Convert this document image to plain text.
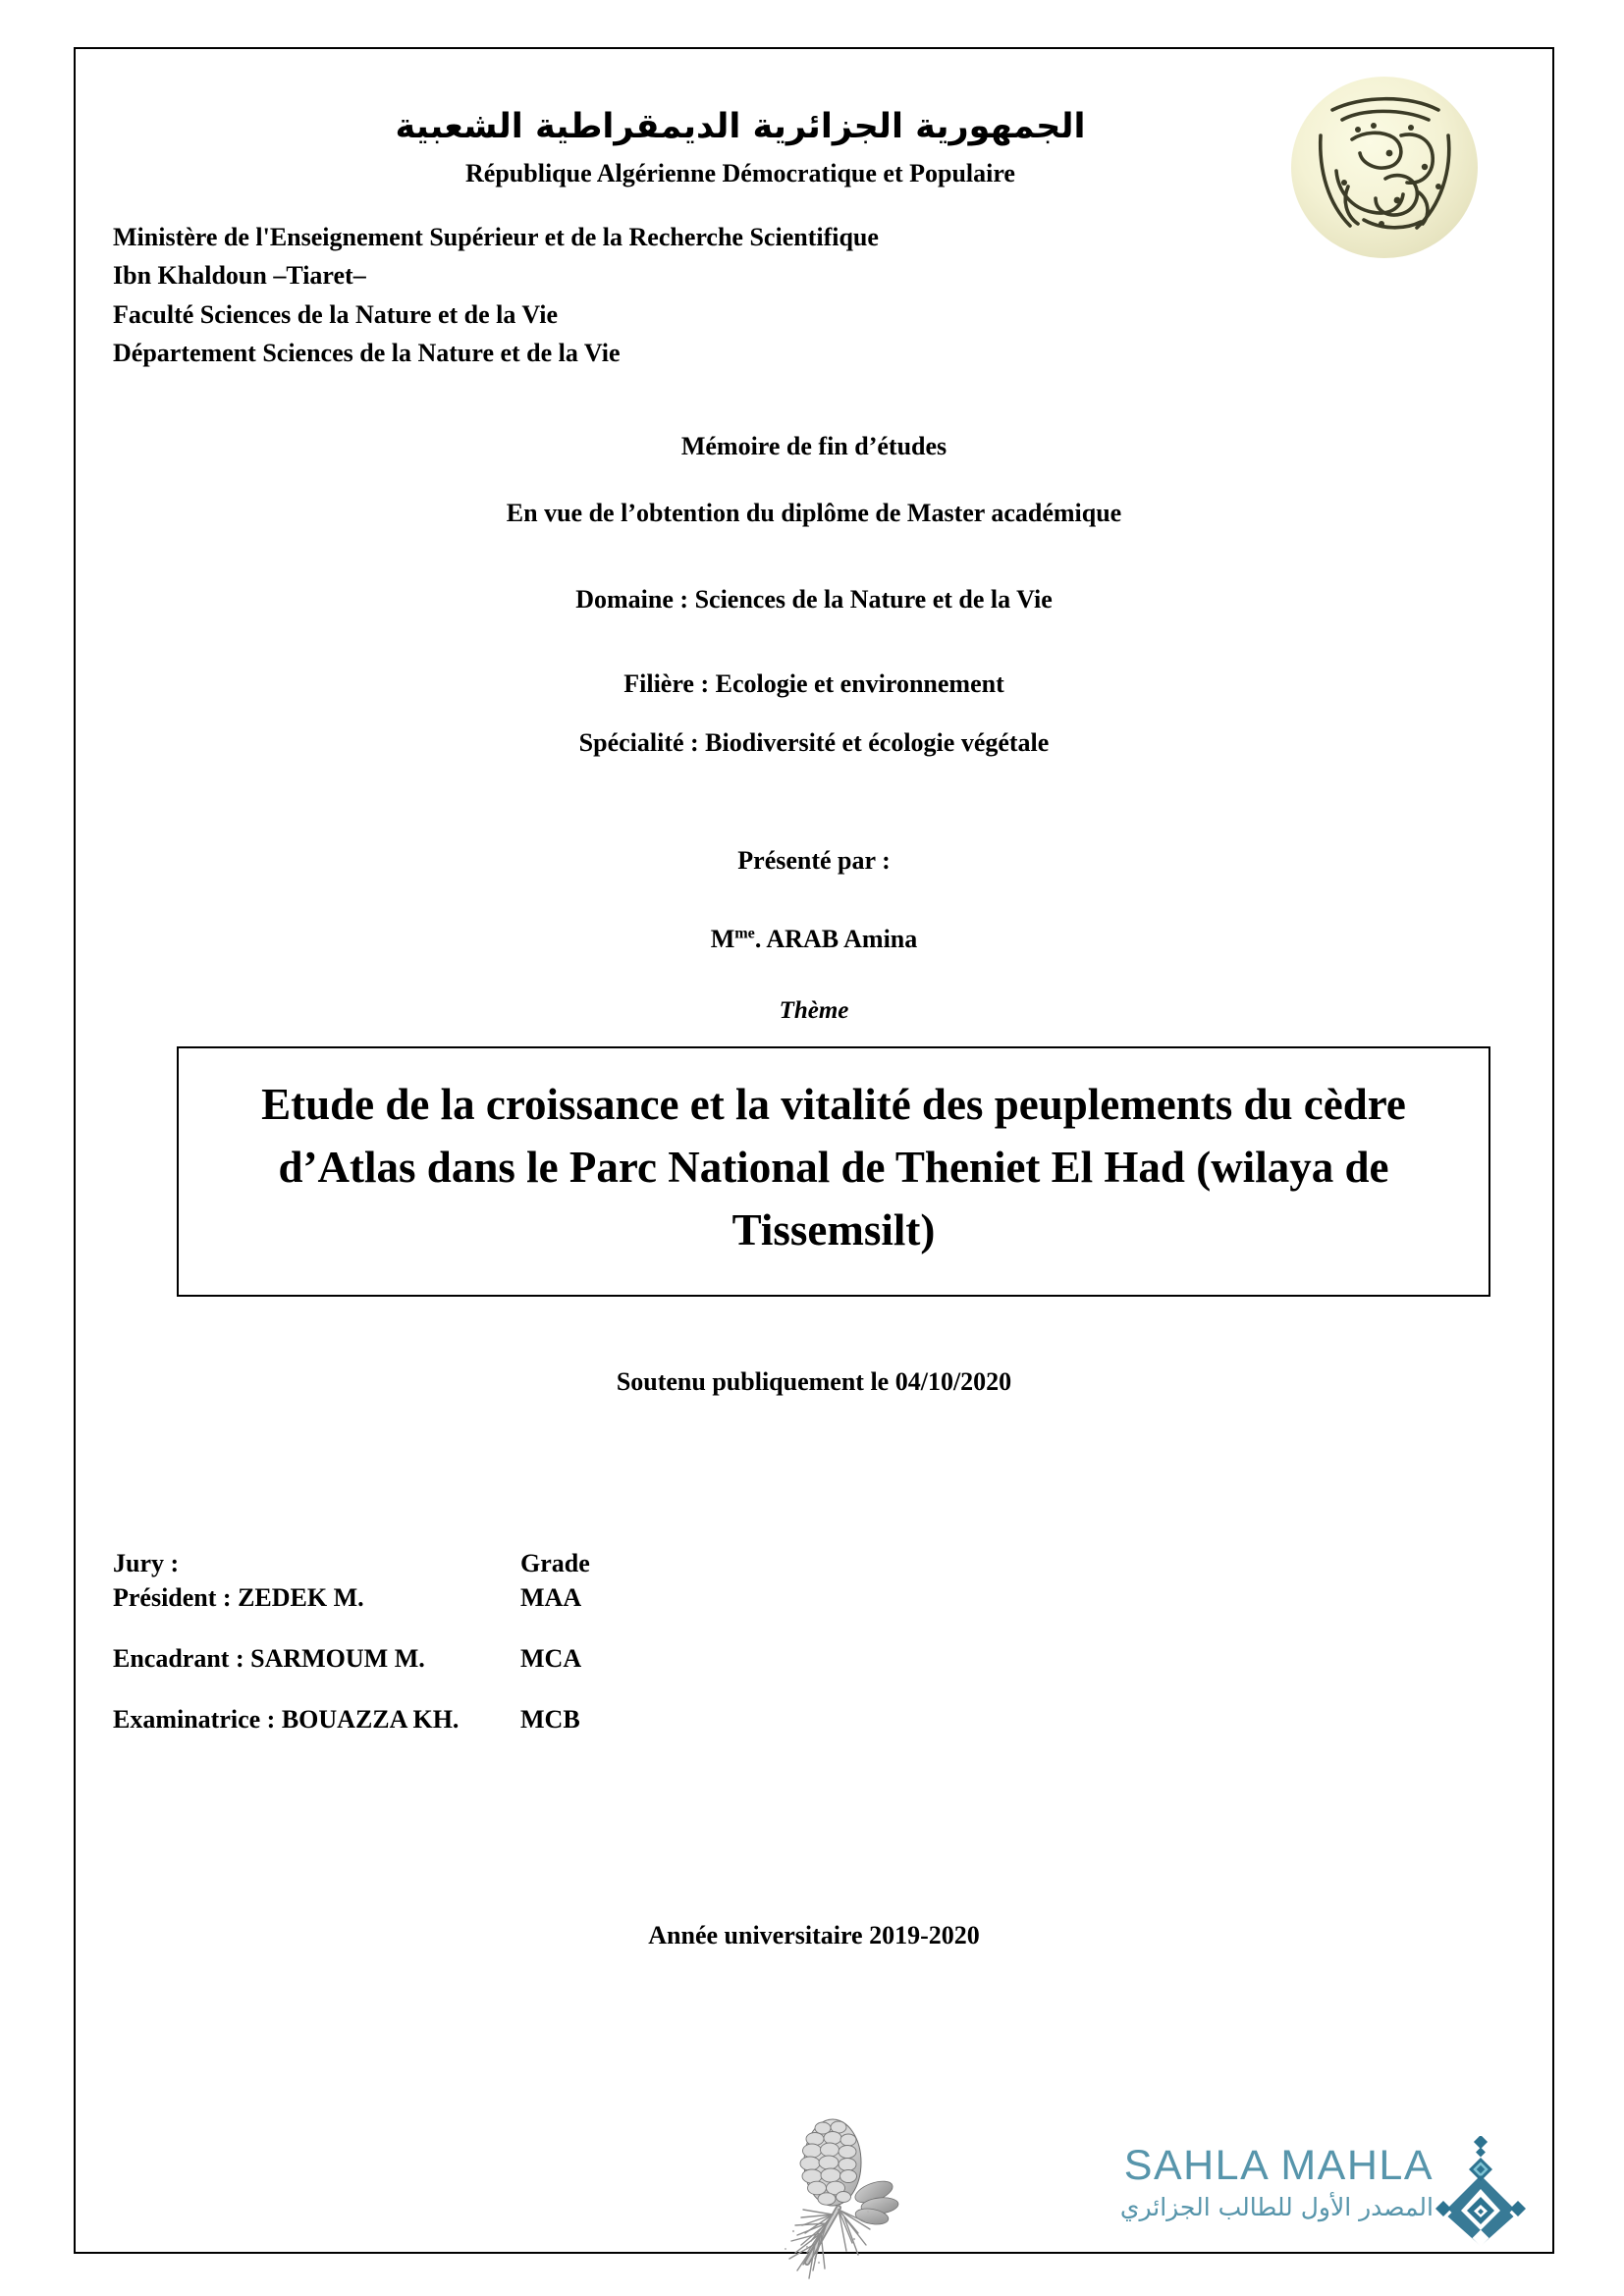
الجمهورية الجزائرية الديمقراطية الشعبية
République Algérienne Démocratique et Populaire
Ministère de l'Enseignement Supérieur et de la Recherche Scientifique
Ibn Khaldoun –Tiaret–
Faculté Sciences de la Nature et de la Vie
Département Sciences de la Nature et de la Vie
Mémoire de fin d’études
En vue de l’obtention du diplôme de Master académique
Domaine : Sciences de la Nature et de la Vie
Filière : Ecologie et environnement
Spécialité : Biodiversité et écologie végétale
Présenté par :
$M^{me}$. ARAB Amina
Thème
Etude de la croissance et la vitalité des peuplements du cèdre d’Atlas dans le Parc National de Theniet El Had (wilaya de Tissemsilt)
Soutenu publiquement le 04/10/2020
Jury :	Grade
Président : ZEDEK M.	MAA
Encadrant : SARMOUM M.	MCA
Examinatrice : BOUAZZA KH.	MCB
Année universitaire 2019-2020
SAHLA MAHLA
المصدر الأول للطالب الجزائري
